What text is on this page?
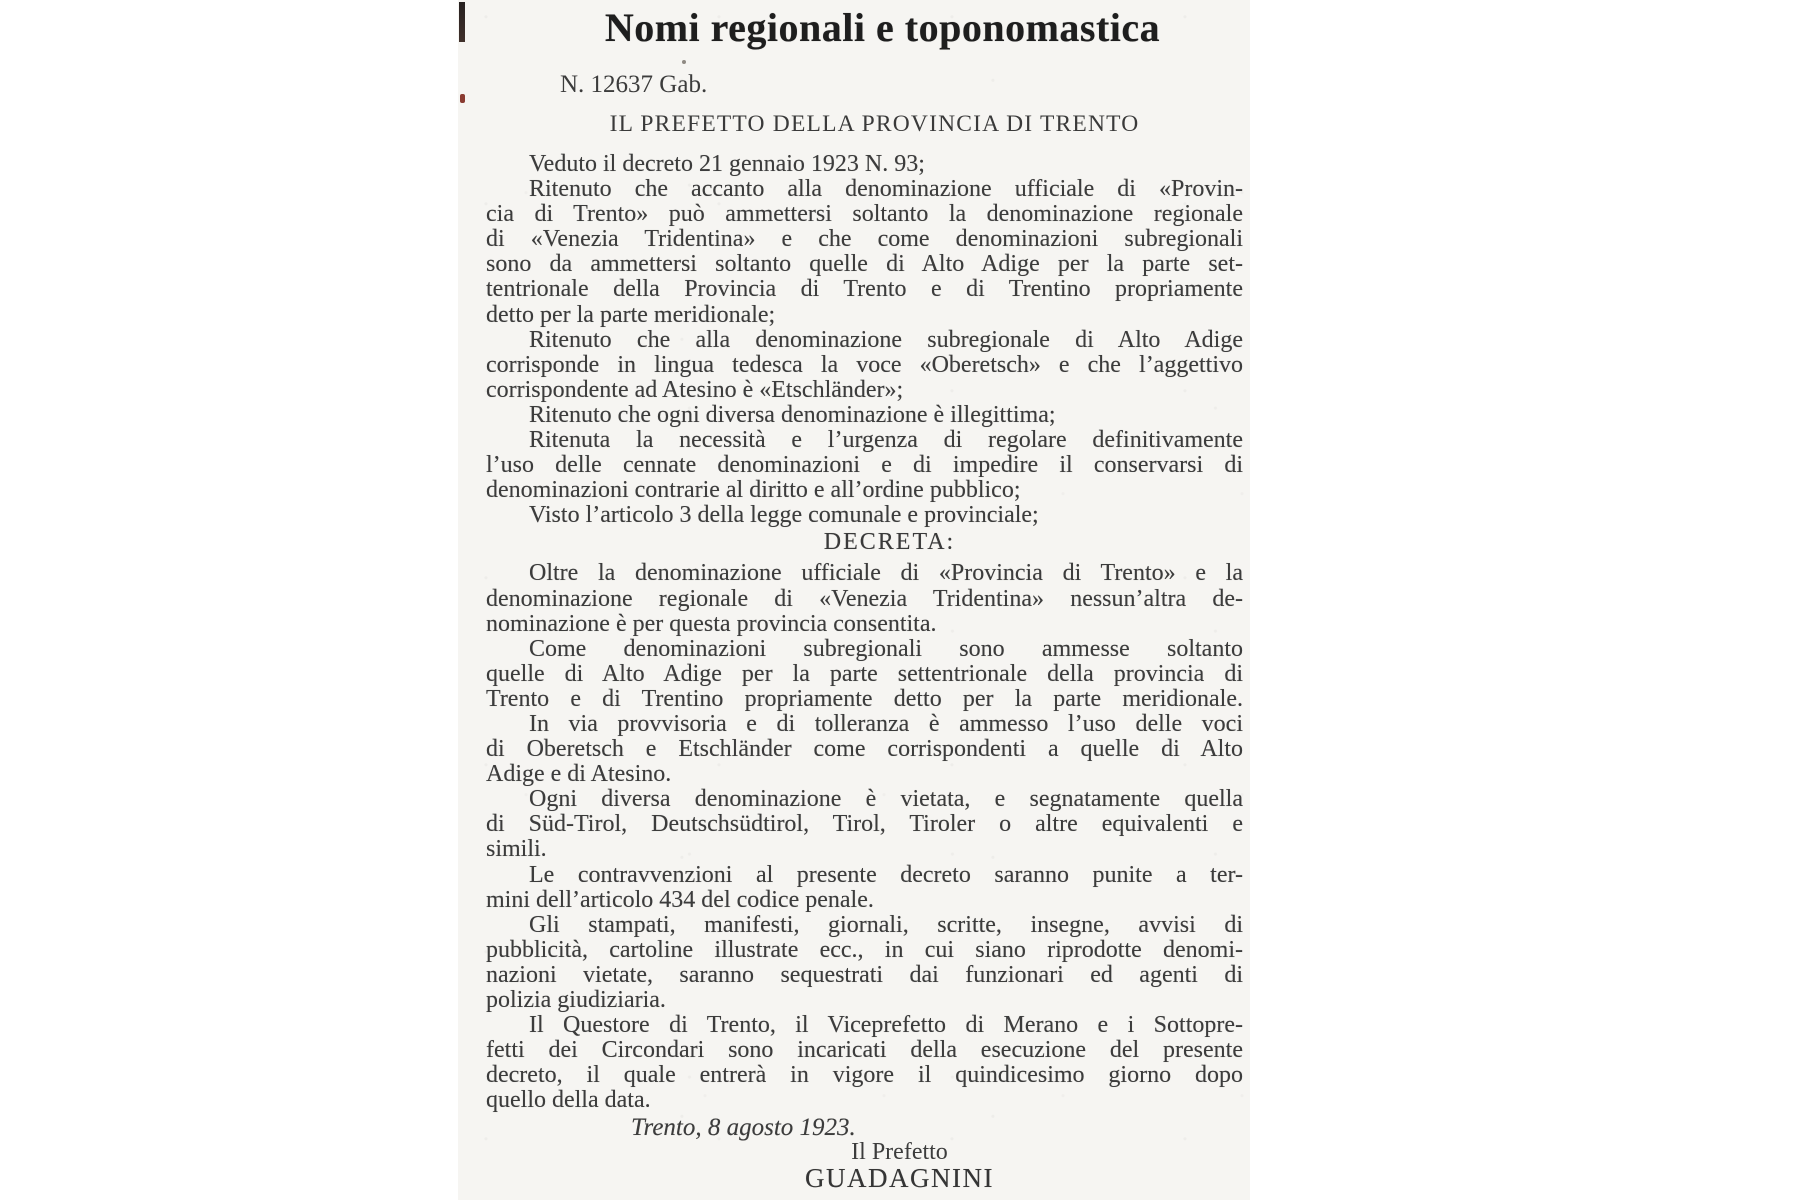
Nomi regionali e toponomastica
N. 12637 Gab.
IL PREFETTO DELLA PROVINCIA DI TRENTO
Veduto il decreto 21 gennaio 1923 N. 93;
Ritenuto che accanto alla denominazione ufficiale di «Provin-
cia di Trento» può ammettersi soltanto la denominazione regionale
di «Venezia Tridentina» e che come denominazioni subregionali
sono da ammettersi soltanto quelle di Alto Adige per la parte set-
tentrionale della Provincia di Trento e di Trentino propriamente
detto per la parte meridionale;
Ritenuto che alla denominazione subregionale di Alto Adige
corrisponde in lingua tedesca la voce «Oberetsch» e che l’aggettivo
corrispondente ad Atesino è «Etschländer»;
Ritenuto che ogni diversa denominazione è illegittima;
Ritenuta la necessità e l’urgenza di regolare definitivamente
l’uso delle cennate denominazioni e di impedire il conservarsi di
denominazioni contrarie al diritto e all’ordine pubblico;
Visto l’articolo 3 della legge comunale e provinciale;
DECRETA:
Oltre la denominazione ufficiale di «Provincia di Trento» e la
denominazione regionale di «Venezia Tridentina» nessun’altra de-
nominazione è per questa provincia consentita.
Come denominazioni subregionali sono ammesse soltanto
quelle di Alto Adige per la parte settentrionale della provincia di
Trento e di Trentino propriamente detto per la parte meridionale.
In via provvisoria e di tolleranza è ammesso l’uso delle voci
di Oberetsch e Etschländer come corrispondenti a quelle di Alto
Adige e di Atesino.
Ogni diversa denominazione è vietata, e segnatamente quella
di Süd-Tirol, Deutschsüdtirol, Tirol, Tiroler o altre equivalenti e
simili.
Le contravvenzioni al presente decreto saranno punite a ter-
mini dell’articolo 434 del codice penale.
Gli stampati, manifesti, giornali, scritte, insegne, avvisi di
pubblicità, cartoline illustrate ecc., in cui siano riprodotte denomi-
nazioni vietate, saranno sequestrati dai funzionari ed agenti di
polizia giudiziaria.
Il Questore di Trento, il Viceprefetto di Merano e i Sottopre-
fetti dei Circondari sono incaricati della esecuzione del presente
decreto, il quale entrerà in vigore il quindicesimo giorno dopo
quello della data.
Trento, 8 agosto 1923.
Il Prefetto
GUADAGNINI
